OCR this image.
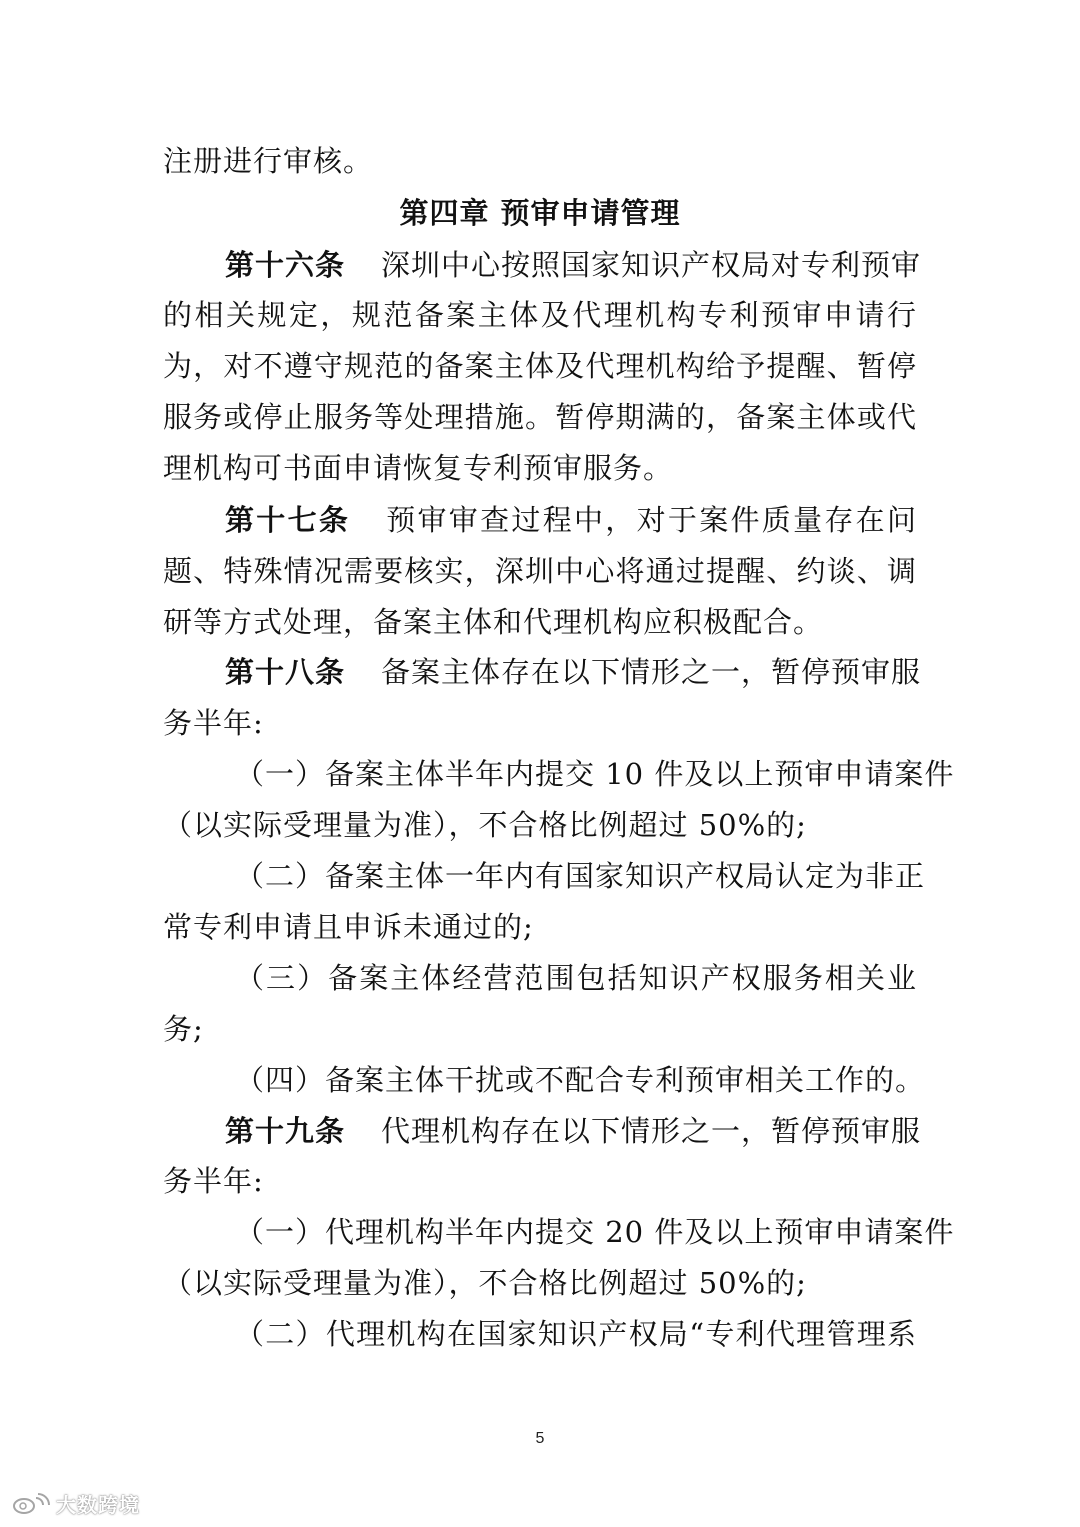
注册进行审核。
第四章 预审申请管理
第十六条 深圳中心按照国家知识产权局对专利预审
的相关规定，规范备案主体及代理机构专利预审申请行
为，对不遵守规范的备案主体及代理机构给予提醒、暂停
服务或停止服务等处理措施。暂停期满的，备案主体或代
理机构可书面申请恢复专利预审服务。
第十七条 预审审查过程中，对于案件质量存在问
题、特殊情况需要核实，深圳中心将通过提醒、约谈、调
研等方式处理，备案主体和代理机构应积极配合。
第十八条 备案主体存在以下情形之一，暂停预审服
务半年:
（一）备案主体半年内提交 10 件及以上预审申请案件
（以实际受理量为准），不合格比例超过 50%的;
（二）备案主体一年内有国家知识产权局认定为非正
常专利申请且申诉未通过的;
（三）备案主体经营范围包括知识产权服务相关业
务;
（四）备案主体干扰或不配合专利预审相关工作的。
第十九条 代理机构存在以下情形之一，暂停预审服
务半年:
（一）代理机构半年内提交 20 件及以上预审申请案件
（以实际受理量为准），不合格比例超过 50%的;
（二）代理机构在国家知识产权局“专利代理管理系
5
大数跨境
